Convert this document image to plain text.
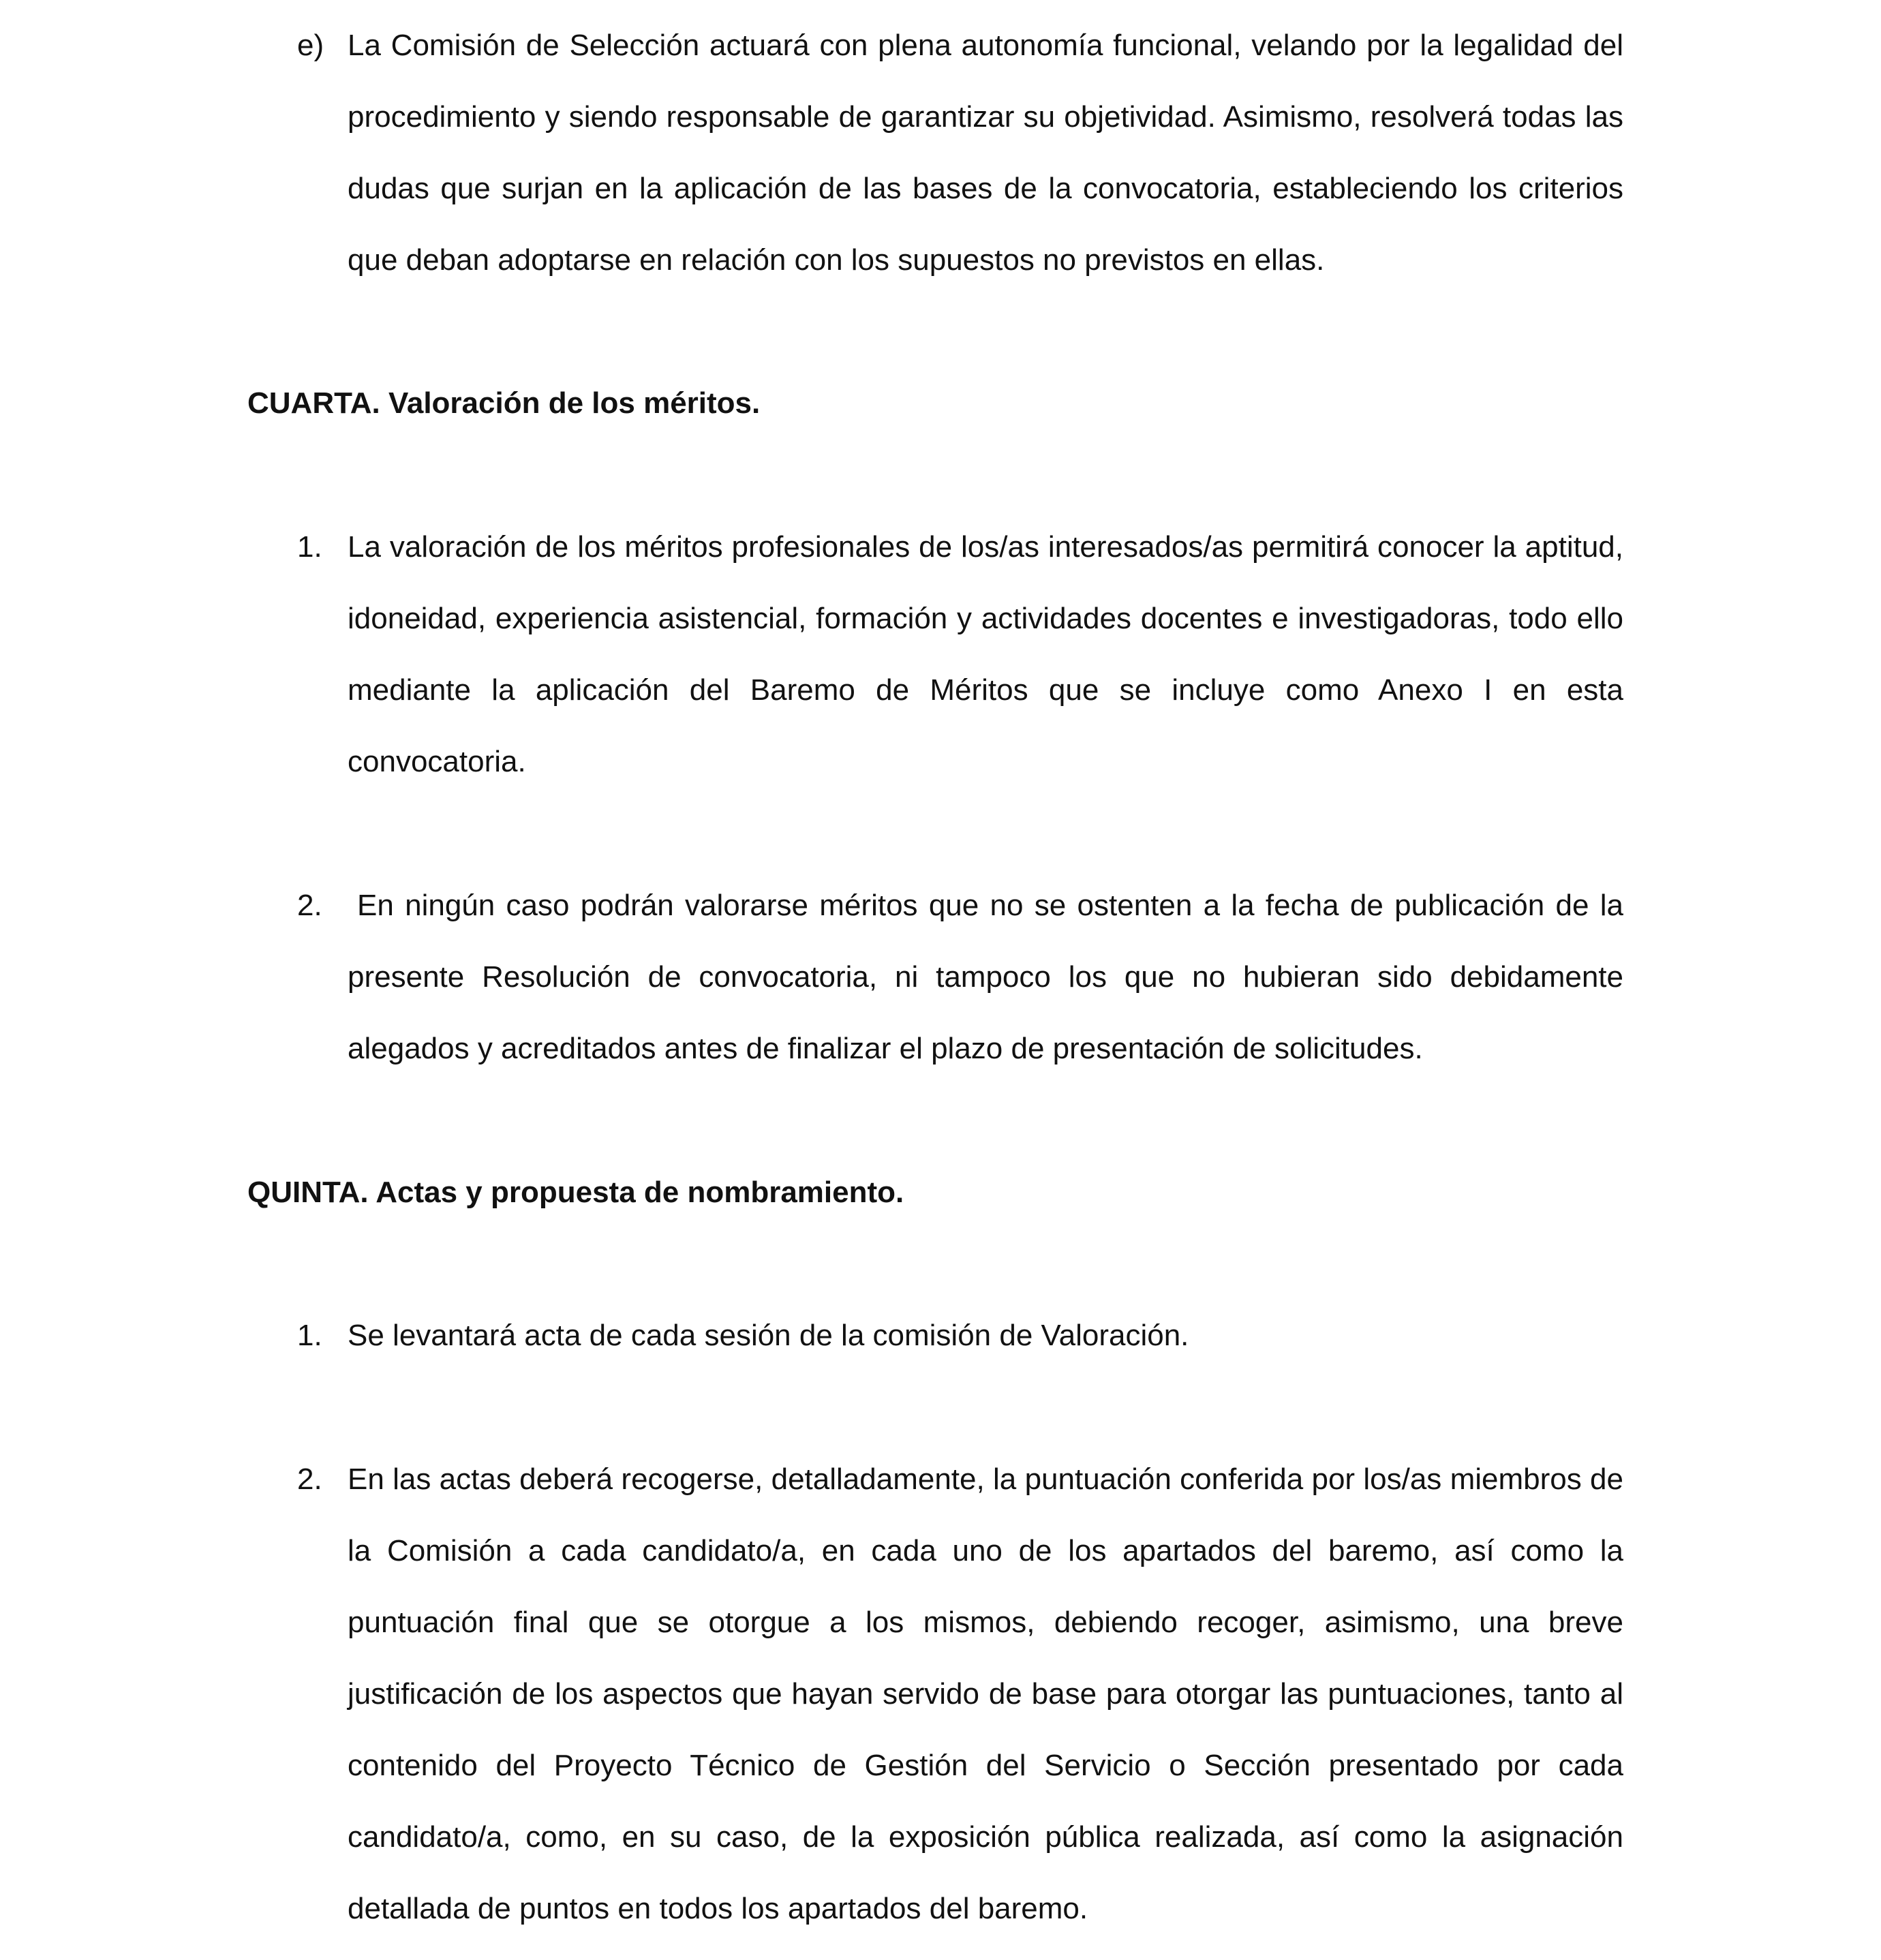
e) La Comisión de Selección actuará con plena autonomía funcional, velando por la legalidad del procedimiento y siendo responsable de garantizar su objetividad. Asimismo, resolverá todas las dudas que surjan en la aplicación de las bases de la convocatoria, estableciendo los criterios que deban adoptarse en relación con los supuestos no previstos en ellas.
CUARTA. Valoración de los méritos.
1. La valoración de los méritos profesionales de los/as interesados/as permitirá conocer la aptitud, idoneidad, experiencia asistencial, formación y actividades docentes e investigadoras, todo ello mediante la aplicación del Baremo de Méritos que se incluye como Anexo I en esta convocatoria.
2.	En ningún caso podrán valorarse méritos que no se ostenten a la fecha de publicación de la presente Resolución de convocatoria, ni tampoco los que no hubieran sido debidamente alegados y acreditados antes de finalizar el plazo de presentación de solicitudes.
QUINTA. Actas y propuesta de nombramiento.
1. Se levantará acta de cada sesión de la comisión de Valoración.
2. En las actas deberá recogerse, detalladamente, la puntuación conferida por los/as miembros de la Comisión a cada candidato/a, en cada uno de los apartados del baremo, así como la puntuación final que se otorgue a los mismos, debiendo recoger, asimismo, una breve justificación de los aspectos que hayan servido de base para otorgar las puntuaciones, tanto al contenido del Proyecto Técnico de Gestión del Servicio o Sección presentado por cada candidato/a, como, en su caso, de la exposición pública realizada, así como la asignación detallada de puntos en todos los apartados del baremo.
